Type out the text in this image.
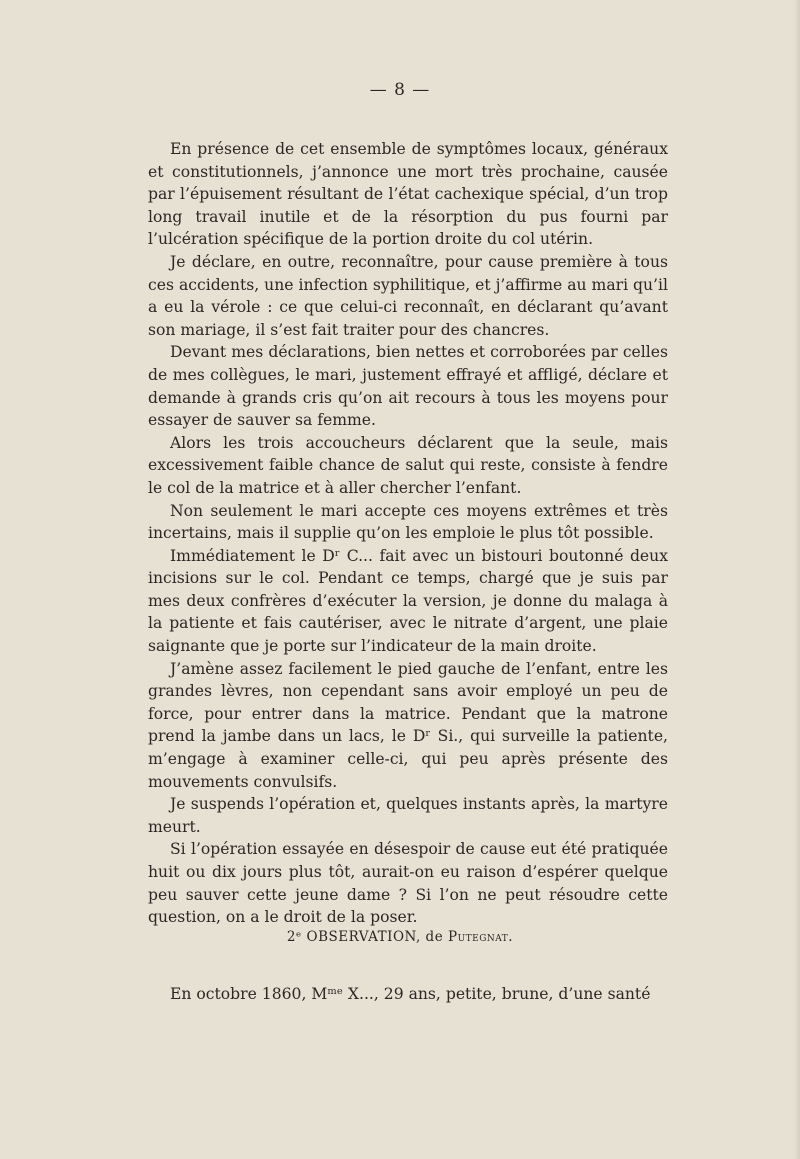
— 8 —

En présence de cet ensemble de symptômes locaux, généraux et constitutionnels, j’annonce une mort très prochaine, causée par l’épuisement résultant de l’état cachexique spécial, d’un trop long travail inutile et de la résorption du pus fourni par l’ulcération spécifique de la portion droite du col utérin.

Je déclare, en outre, reconnaître, pour cause première à tous ces accidents, une infection syphilitique, et j’affirme au mari qu’il a eu la vérole : ce que celui-ci reconnaît, en déclarant qu’avant son mariage, il s’est fait traiter pour des chancres.

Devant mes déclarations, bien nettes et corroborées par celles de mes collègues, le mari, justement effrayé et affligé, déclare et demande à grands cris qu’on ait recours à tous les moyens pour essayer de sauver sa femme.

Alors les trois accoucheurs déclarent que la seule, mais excessivement faible chance de salut qui reste, consiste à fendre le col de la matrice et à aller chercher l’enfant.

Non seulement le mari accepte ces moyens extrêmes et très incertains, mais il supplie qu’on les emploie le plus tôt possible.

Immédiatement le Dʳ C... fait avec un bistouri boutonné deux incisions sur le col. Pendant ce temps, chargé que je suis par mes deux confrères d’exécuter la version, je donne du malaga à la patiente et fais cautériser, avec le nitrate d’argent, une plaie saignante que je porte sur l’indicateur de la main droite.

J’amène assez facilement le pied gauche de l’enfant, entre les grandes lèvres, non cependant sans avoir employé un peu de force, pour entrer dans la matrice. Pendant que la matrone prend la jambe dans un lacs, le Dʳ Si., qui surveille la patiente, m’engage à examiner celle-ci, qui peu après présente des mouvements convulsifs.

Je suspends l’opération et, quelques instants après, la martyre meurt.

Si l’opération essayée en désespoir de cause eut été pratiquée huit ou dix jours plus tôt, aurait-on eu raison d’espérer quelque peu sauver cette jeune dame ? Si l’on ne peut résoudre cette question, on a le droit de la poser.

2ᵉ OBSERVATION, de Putegnat.

En octobre 1860, Mᵐᵉ X..., 29 ans, petite, brune, d’une santé
